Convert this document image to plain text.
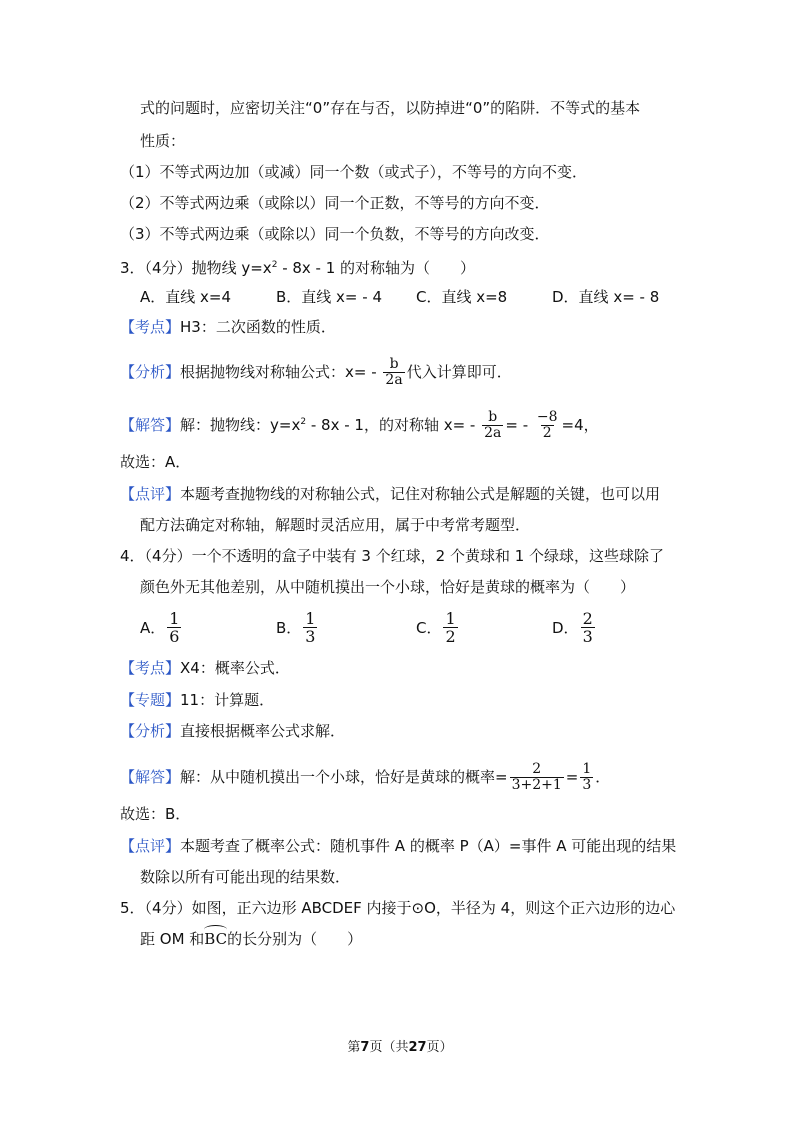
式的问题时，应密切关注“0”存在与否，以防掉进“0”的陷阱．不等式的基本
性质：
（1）不等式两边加（或减）同一个数（或式子），不等号的方向不变．
（2）不等式两边乘（或除以）同一个正数，不等号的方向不变．
（3）不等式两边乘（或除以）同一个负数，不等号的方向改变．
3．（4分）抛物线 $y=x^2 - 8x - 1$ 的对称轴为（　　）
A．直线 x=4	B．直线 x= - 4 C．直线 x=8	D．直线 x= - 8
【考点】H3：二次函数的性质．
【分析】根据抛物线对称轴公式：$x= - \frac{b}{2a}$ 代入计算即可．
【解答】解：抛物线：$y=x^2 - 8x - 1$，的对称轴 $x= - \frac{b}{2a}$ = - $\frac{-8}{2} =4$，
故选：A．
【点评】本题考查抛物线的对称轴公式，记住对称轴公式是解题的关键，也可以用
配方法确定对称轴，解题时灵活应用，属于中考常考题型．
4．（4分）一个不透明的盒子中装有 3 个红球，2 个黄球和 1 个绿球，这些球除了
颜色外无其他差别，从中随机摸出一个小球，恰好是黄球的概率为（　　）
A． $\frac{1}{6}$	B． $\frac{1}{3}$	C． $\frac{1}{2}$	D． $\frac{2}{3}$
【考点】X4：概率公式．
【专题】11：计算题．
【分析】直接根据概率公式求解．
【解答】解：从中随机摸出一个小球，恰好是黄球的概率= $\frac{2}{3+2+1} = \frac{1}{3}$ ．
故选：B．
【点评】本题考查了概率公式：随机事件 A 的概率 P（A）=事件 A 可能出现的结果
数除以所有可能出现的结果数．
5．（4分）如图，正六边形 ABCDEF 内接于⊙O，半径为 4，则这个正六边形的边心
距 OM 和BC的长分别为（　　）
第7页（共27页）
